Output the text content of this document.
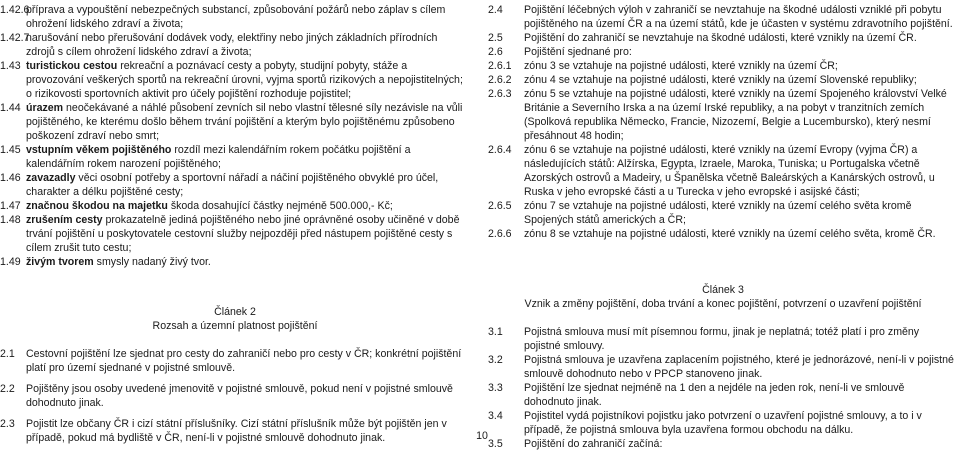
1.42.6
příprava a vypouštění nebezpečných substancí, způsobování požárů nebo záplav s cílem ohrožení lidského zdraví a života;
1.42.7
narušování nebo přerušování dodávek vody, elektřiny nebo jiných základních přírodních zdrojů s cílem ohrožení lidského zdraví a života;
1.43 turistickou cestou rekreační a poznávací cesty a pobyty, studijní pobyty, stáže a provozování veškerých sportů na rekreační úrovni, vyjma sportů rizikových a nepojistitelných; o rizikovosti sportovních aktivit pro účely pojištění rozhoduje pojistitel;
1.44 úrazem neočekávané a náhlé působení zevních sil nebo vlastní tělesné síly nezávisle na vůli pojištěného, ke kterému došlo během trvání pojištění a kterým bylo pojištěnému způsobeno poškození zdraví nebo smrt;
1.45 vstupním věkem pojištěného rozdíl mezi kalendářním rokem počátku pojištění a kalendářním rokem narození pojištěného;
1.46 zavazadly věci osobní potřeby a sportovní nářadí a náčiní pojištěného obvyklé pro účel, charakter a délku pojištěné cesty;
1.47 značnou škodou na majetku škoda dosahující částky nejméně 500.000,- Kč;
1.48 zrušením cesty prokazatelně jediná pojištěného nebo jiné oprávněné osoby učiněné v době trvání pojištění u poskytovatele cestovní služby nejpozději před nástupem pojištěné cesty s cílem zrušit tuto cestu;
1.49 živým tvorem smysly nadaný živý tvor.

Článek 2

Rozsah a územní platnost pojištění

2.1	Cestovní pojištění lze sjednat pro cesty do zahraničí nebo pro cesty v ČR; konkrétní pojištění platí pro území sjednané v pojistné smlouvě.
2.2	Pojištěny jsou osoby uvedené jmenovitě v pojistné smlouvě, pokud není v pojistné smlouvě dohodnuto jinak.
2.3	Pojistit lze občany ČR i cizí státní příslušníky. Cizí státní příslušník může být pojištěn jen v případě, pokud má bydliště v ČR, není-li v pojistné smlouvě dohodnuto jinak.
2.4	Pojištění léčebných výloh v zahraničí se nevztahuje na škodné události vzniklé při pobytu pojištěného na území ČR a na území států, kde je účasten v systému zdravotního pojištění.
2.5	Pojištění do zahraničí se nevztahuje na škodné události, které vznikly na území ČR.
2.6	Pojištění sjednané pro:
2.6.1	zónu 3 se vztahuje na pojistné události, které vznikly na území ČR;
2.6.2	zónu 4 se vztahuje na pojistné události, které vznikly na území Slovenské republiky;
2.6.3	zónu 5 se vztahuje na pojistné události, které vznikly na území Spojeného království Velké Británie a Severního Irska a na území Irské republiky, a na pobyt v tranzitních zemích (Spolková republika Německo, Francie, Nizozemí, Belgie a Lucembursko), který nesmí přesáhnout 48 hodin;
2.6.4	zónu 6 se vztahuje na pojistné události, které vznikly na území Evropy (vyjma ČR) a následujících států: Alžírska, Egypta, Izraele, Maroka, Tuniska; u Portugalska včetně Azorských ostrovů a Madeiry, u Španělska včetně Baleárských a Kanárských ostrovů, u Ruska v jeho evropské části a u Turecka v jeho evropské i asijské části;
2.6.5	zónu 7 se vztahuje na pojistné události, které vznikly na území celého světa kromě Spojených států amerických a ČR;
2.6.6	zónu 8 se vztahuje na pojistné události, které vznikly na území celého světa, kromě ČR.

Článek 3

Vznik a změny pojištění, doba trvání a konec pojištění, potvrzení o uzavření pojištění

3.1	Pojistná smlouva musí mít písemnou formu, jinak je neplatná; totéž platí i pro změny pojistné smlouvy.
3.2	Pojistná smlouva je uzavřena zaplacením pojistného, které je jednorázové, není-li v pojistné smlouvě dohodnuto nebo v PPCP stanoveno jinak.
3.3	Pojištění lze sjednat nejméně na 1 den a nejdéle na jeden rok, není-li ve smlouvě dohodnuto jinak.
3.4	Pojistitel vydá pojistníkovi pojistku jako potvrzení o uzavření pojistné smlouvy, a to i v případě, že pojistná smlouva byla uzavřena formou obchodu na dálku.
3.5	Pojištění do zahraničí začíná:
10
